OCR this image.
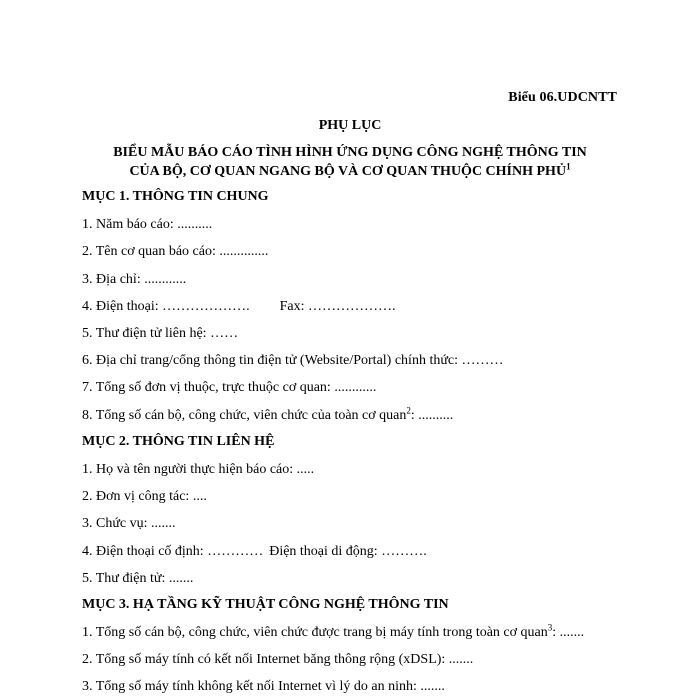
Biểu 06.UDCNTT
PHỤ LỤC
BIỂU MẪU BÁO CÁO TÌNH HÌNH ỨNG DỤNG CÔNG NGHỆ THÔNG TIN
CỦA BỘ, CƠ QUAN NGANG BỘ VÀ CƠ QUAN THUỘC CHÍNH PHỦ$^1$
MỤC 1. THÔNG TIN CHUNG
1. Năm báo cáo: ..........
2. Tên cơ quan báo cáo: ..............
3. Địa chỉ: ............
4. Điện thoại: ………………. Fax: ……………….
5. Thư điện tử liên hệ: ……
6. Địa chỉ trang/cổng thông tin điện tử (Website/Portal) chính thức: ………
7. Tổng số đơn vị thuộc, trực thuộc cơ quan: ............
8. Tổng số cán bộ, công chức, viên chức của toàn cơ quan$^2$: ..........
MỤC 2. THÔNG TIN LIÊN HỆ
1. Họ và tên người thực hiện báo cáo: .....
2. Đơn vị công tác: ....
3. Chức vụ: .......
4. Điện thoại cố định: ………… Điện thoại di động: ……….
5. Thư điện tử: .......
MỤC 3. HẠ TẦNG KỸ THUẬT CÔNG NGHỆ THÔNG TIN
1. Tổng số cán bộ, công chức, viên chức được trang bị máy tính trong toàn cơ quan$^3$: .......
2. Tổng số máy tính có kết nối Internet băng thông rộng (xDSL): .......
3. Tổng số máy tính không kết nối Internet vì lý do an ninh: .......
